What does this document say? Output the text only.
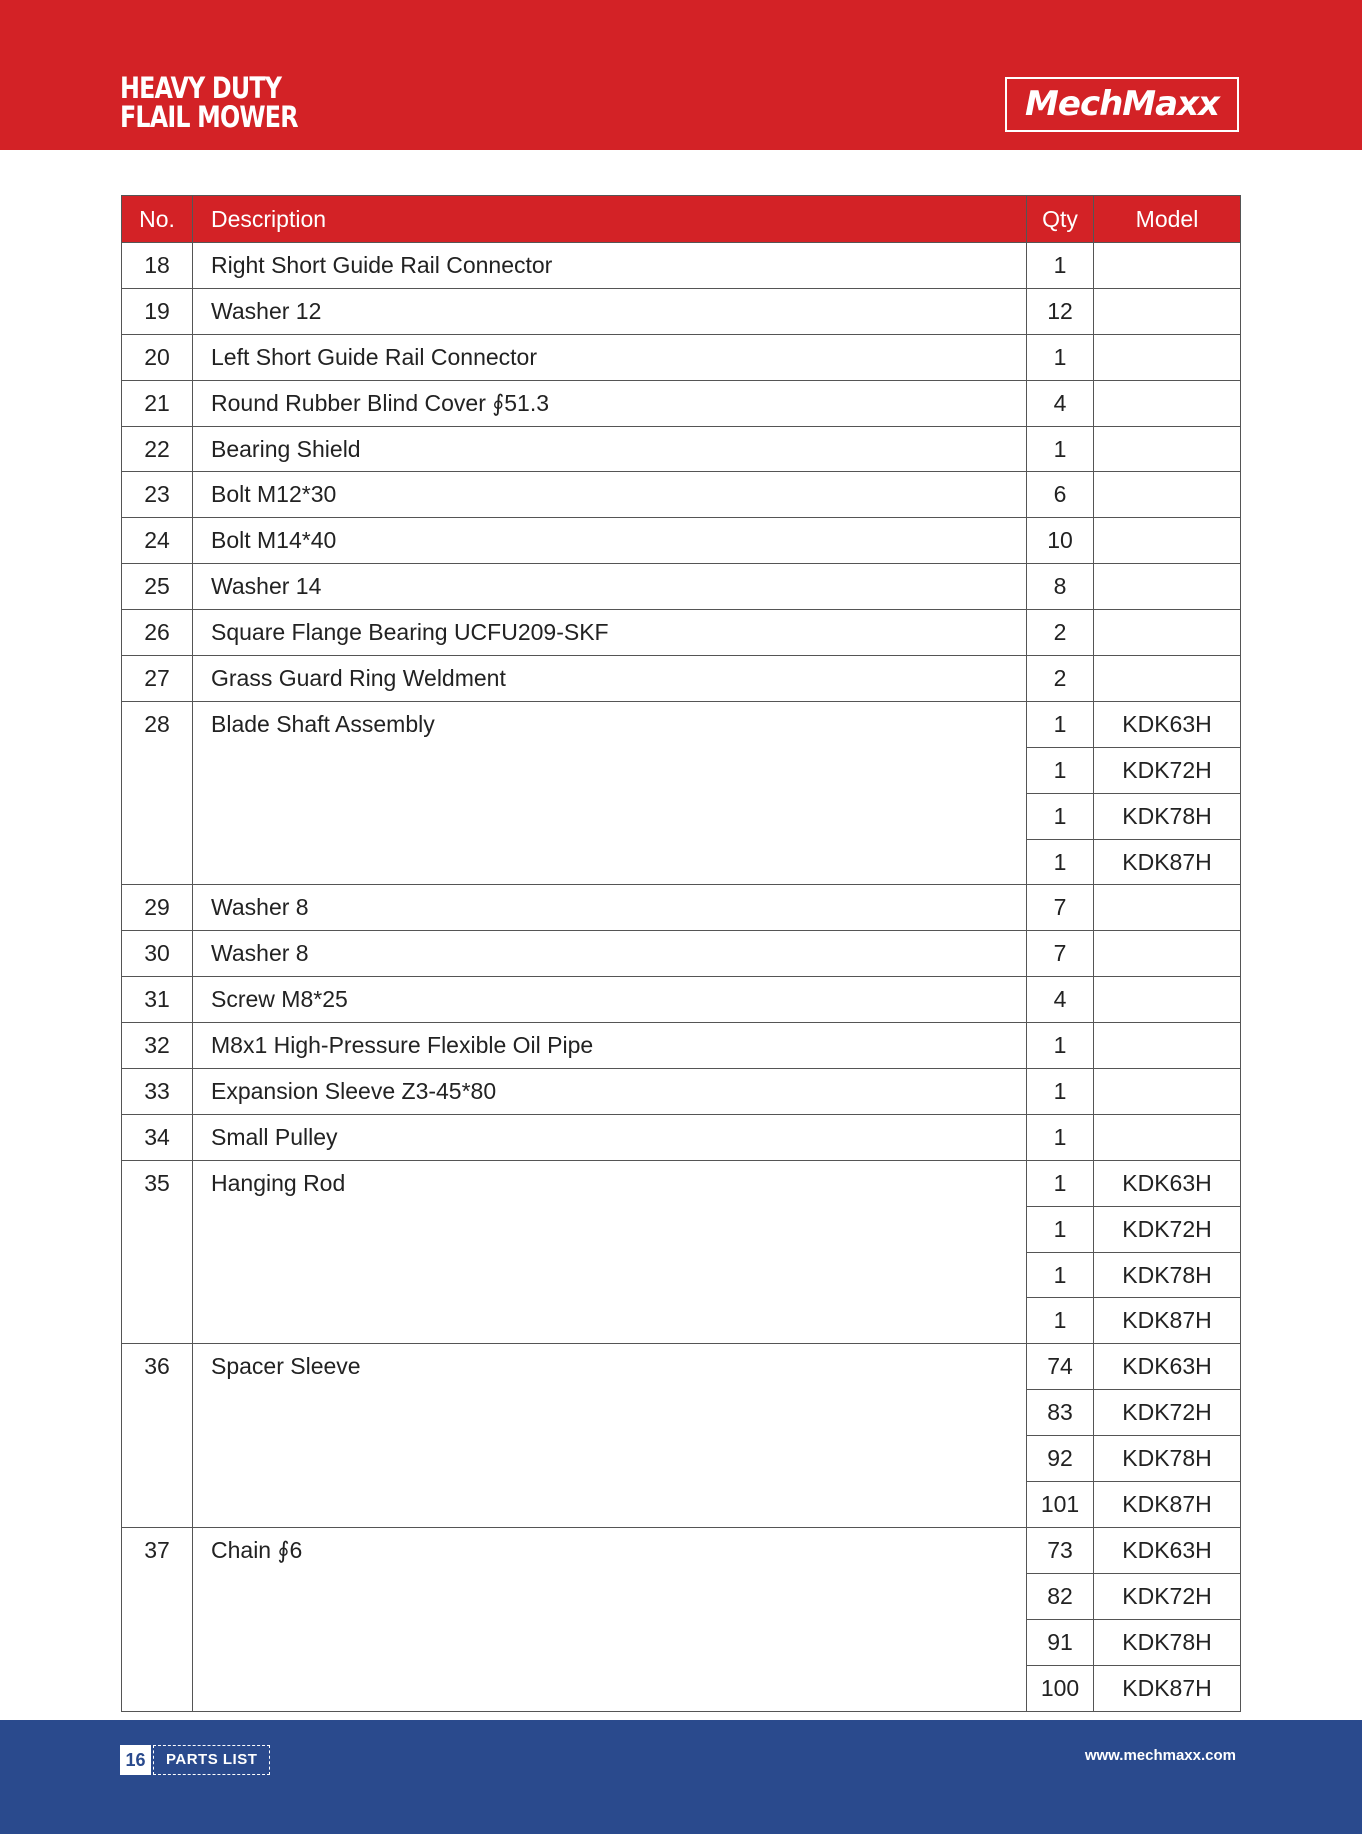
HEAVY DUTY
FLAIL MOWER	MechMaxx
No.	Description	Qty	Model
18	Right Short Guide Rail Connector	1	
19	Washer 12	12	
20	Left Short Guide Rail Connector	1	
21	Round Rubber Blind Cover ∮51.3	4	
22	Bearing Shield	1	
23	Bolt M12*30	6	
24	Bolt M14*40	10	
25	Washer 14	8	
26	Square Flange Bearing UCFU209-SKF	2	
27	Grass Guard Ring Weldment	2	
28	Blade Shaft Assembly	1	KDK63H
		1	KDK72H
		1	KDK78H
		1	KDK87H
29	Washer 8	7	
30	Washer 8	7	
31	Screw M8*25	4	
32	M8x1 High-Pressure Flexible Oil Pipe	1	
33	Expansion Sleeve Z3-45*80	1	
34	Small Pulley	1	
35	Hanging Rod	1	KDK63H
		1	KDK72H
		1	KDK78H
		1	KDK87H
36	Spacer Sleeve	74	KDK63H
		83	KDK72H
		92	KDK78H
		101	KDK87H
37	Chain ∮6	73	KDK63H
		82	KDK72H
		91	KDK78H
		100	KDK87H
16	PARTS LIST	www.mechmaxx.com
